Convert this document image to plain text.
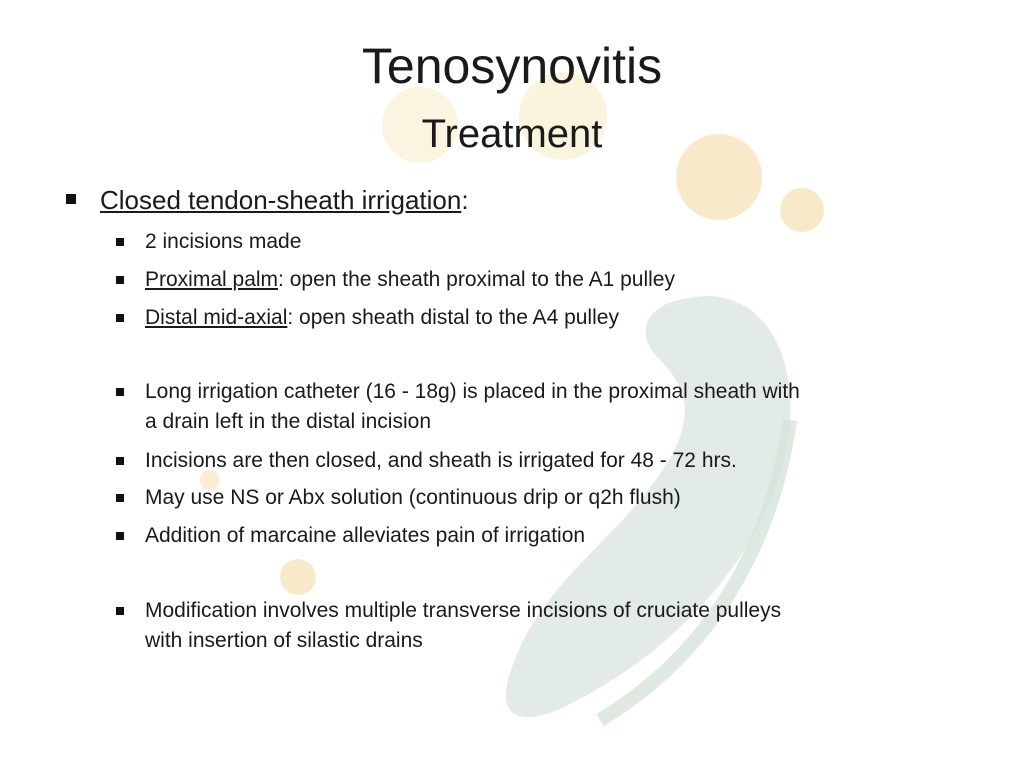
Tenosynovitis
Treatment

Closed tendon-sheath irrigation:

2 incisions made

Proximal palm: open the sheath proximal to the A1 pulley

Distal mid-axial: open sheath distal to the A4 pulley

Long irrigation catheter (16 - 18g) is placed in the proximal sheath with
a drain left in the distal incision

Incisions are then closed, and sheath is irrigated for 48 - 72 hrs.

May use NS or Abx solution (continuous drip or q2h flush)

Addition of marcaine alleviates pain of irrigation

Modification involves multiple transverse incisions of cruciate pulleys
with insertion of silastic drains
